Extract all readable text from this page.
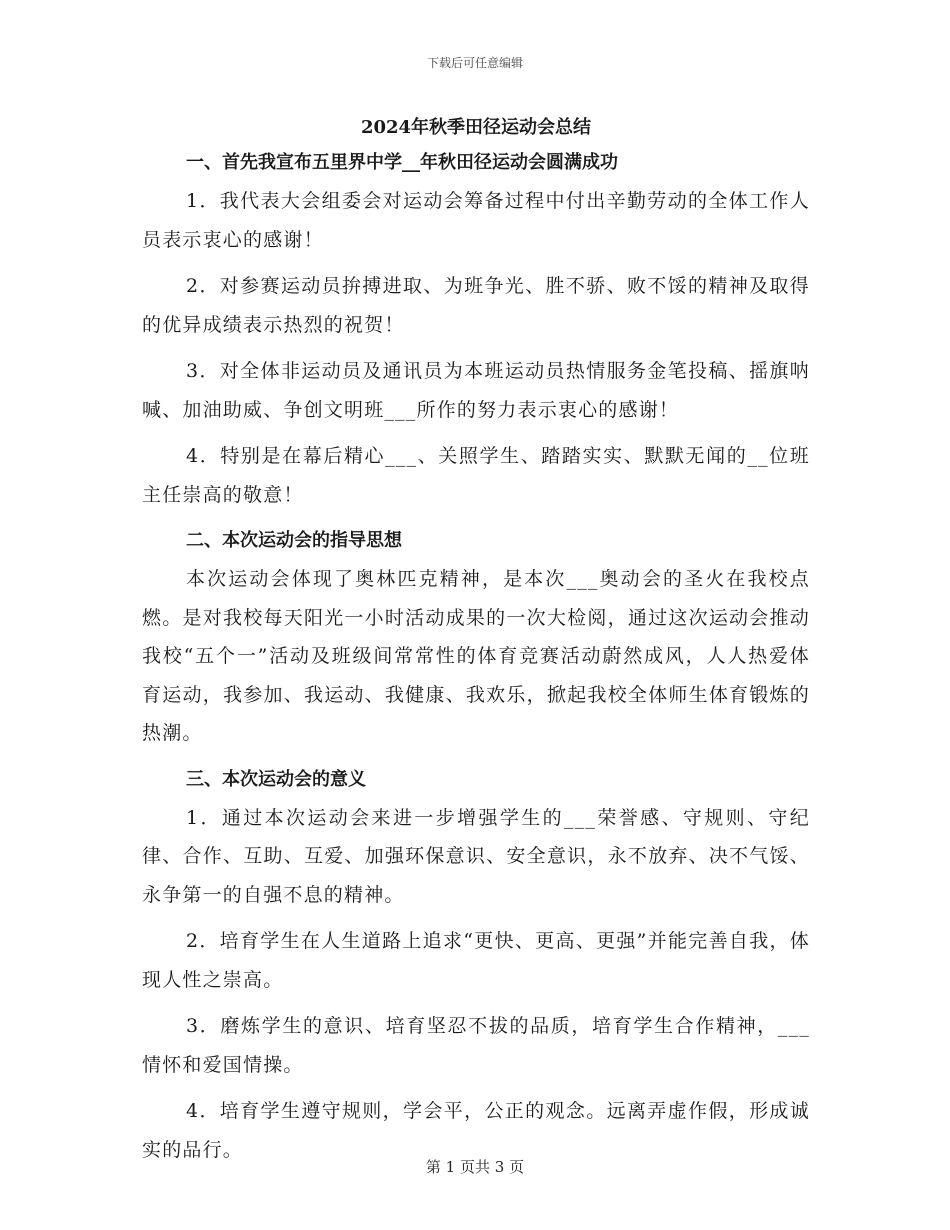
下载后可任意编辑
2024年秋季田径运动会总结
一、首先我宣布五里界中学__年秋田径运动会圆满成功

1．我代表大会组委会对运动会筹备过程中付出辛勤劳动的全体工作人员表示衷心的感谢！

2．对参赛运动员拚搏进取、为班争光、胜不骄、败不馁的精神及取得的优异成绩表示热烈的祝贺！

3．对全体非运动员及通讯员为本班运动员热情服务金笔投稿、摇旗呐喊、加油助威、争创文明班___所作的努力表示衷心的感谢！

4．特别是在幕后精心___、关照学生、踏踏实实、默默无闻的__位班主任崇高的敬意！

二、本次运动会的指导思想

本次运动会体现了奥林匹克精神，是本次___奥动会的圣火在我校点燃。是对我校每天阳光一小时活动成果的一次大检阅，通过这次运动会推动我校“五个一”活动及班级间常常性的体育竞赛活动蔚然成风，人人热爱体育运动，我参加、我运动、我健康、我欢乐，掀起我校全体师生体育锻炼的热潮。

三、本次运动会的意义

1．通过本次运动会来进一步增强学生的___荣誉感、守规则、守纪律、合作、互助、互爱、加强环保意识、安全意识，永不放弃、决不气馁、永争第一的自强不息的精神。

2．培育学生在人生道路上追求“更快、更高、更强”并能完善自我，体现人性之崇高。

3．磨炼学生的意识、培育坚忍不拔的品质，培育学生合作精神，___情怀和爱国情操。

4．培育学生遵守规则，学会平，公正的观念。远离弄虚作假，形成诚实的品行。

第 1 页共 3 页
